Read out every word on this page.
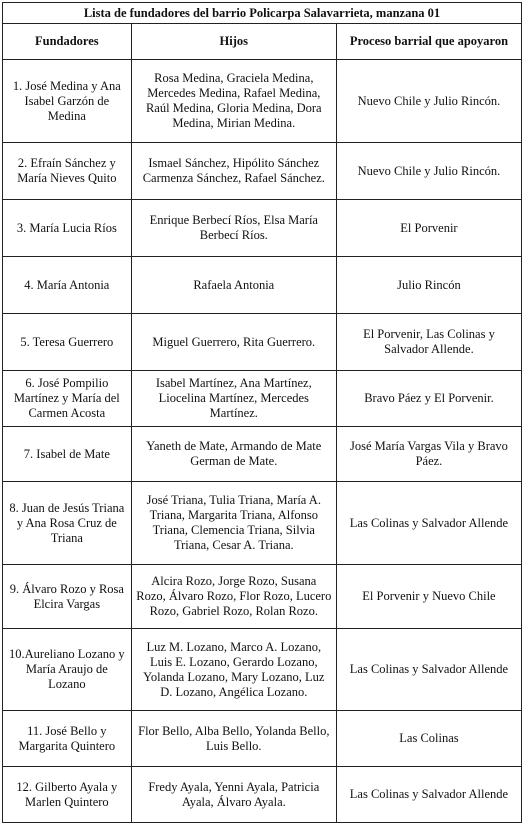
Lista de fundadores del barrio Policarpa Salavarrieta, manzana 01		
Fundadores	Hijos	Proceso barrial que apoyaron
1. José Medina y Ana Isabel Garzón de Medina	Rosa Medina, Graciela Medina, Mercedes Medina, Rafael Medina, Raúl Medina, Gloria Medina, Dora Medina, Mirian Medina.	Nuevo Chile y Julio Rincón.
2. Efraín Sánchez y María Nieves Quito	Ismael Sánchez, Hipólito Sánchez Carmenza Sánchez, Rafael Sánchez.	Nuevo Chile y Julio Rincón.
3. María Lucia Ríos	Enrique Berbecí Ríos, Elsa María Berbecí Ríos.	El Porvenir
4. María Antonia	Rafaela Antonia	Julio Rincón
5. Teresa Guerrero	Miguel Guerrero, Rita Guerrero.	El Porvenir, Las Colinas y Salvador Allende.
6. José Pompilio Martínez y María del Carmen Acosta	Isabel Martínez, Ana Martínez, Liocelina Martínez, Mercedes Martínez.	Bravo Páez y El Porvenir.
7. Isabel de Mate	Yaneth de Mate, Armando de Mate German de Mate.	José María Vargas Vila y Bravo Páez.
8. Juan de Jesús Triana y Ana Rosa Cruz de Triana	José Triana, Tulia Triana, María A. Triana, Margarita Triana, Alfonso Triana, Clemencia Triana, Silvia Triana, Cesar A. Triana.	Las Colinas y Salvador Allende
9. Álvaro Rozo y Rosa Elcira Vargas	Alcira Rozo, Jorge Rozo, Susana Rozo, Álvaro Rozo, Flor Rozo, Lucero Rozo, Gabriel Rozo, Rolan Rozo.	El Porvenir y Nuevo Chile
10.Aureliano Lozano y María Araujo de Lozano	Luz M. Lozano, Marco A. Lozano, Luis E. Lozano, Gerardo Lozano, Yolanda Lozano, Mary Lozano, Luz D. Lozano, Angélica Lozano.	Las Colinas y Salvador Allende
11. José Bello y Margarita Quintero	Flor Bello, Alba Bello, Yolanda Bello, Luis Bello.	Las Colinas
12. Gilberto Ayala y Marlen Quintero	Fredy Ayala, Yenni Ayala, Patricia Ayala, Álvaro Ayala.	Las Colinas y Salvador Allende
